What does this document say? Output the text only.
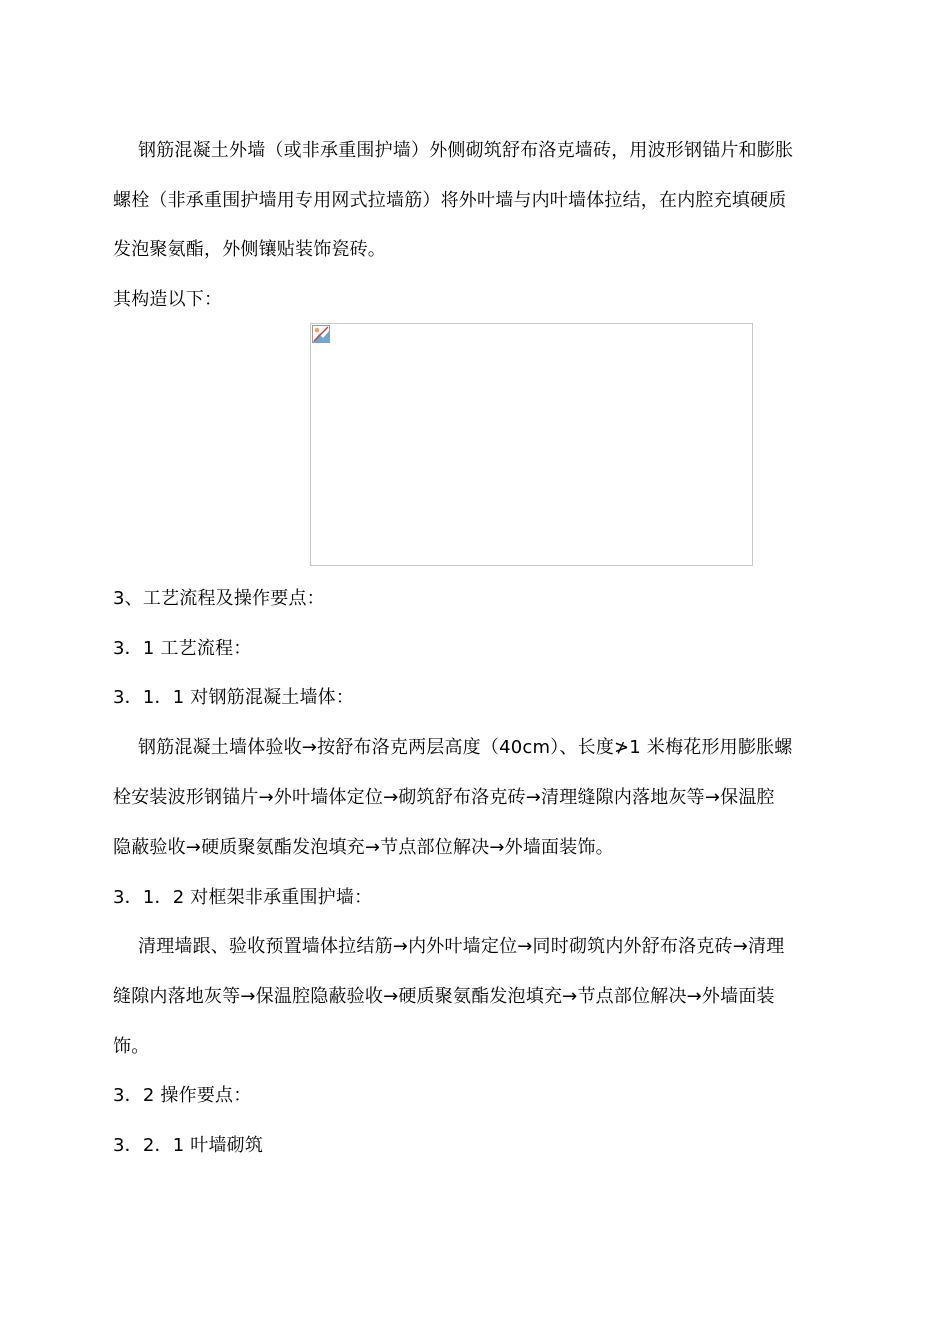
钢筋混凝土外墙（或非承重围护墙）外侧砌筑舒布洛克墙砖，用波形钢锚片和膨胀
螺栓（非承重围护墙用专用网式拉墙筋）将外叶墙与内叶墙体拉结，在内腔充填硬质
发泡聚氨酯，外侧镶贴装饰瓷砖。
其构造以下：
3、工艺流程及操作要点：
3．1 工艺流程：
3．1．1 对钢筋混凝土墙体：
钢筋混凝土墙体验收→按舒布洛克两层高度（40cm）、长度≯1 米梅花形用膨胀螺
栓安装波形钢锚片→外叶墙体定位→砌筑舒布洛克砖→清理缝隙内落地灰等→保温腔
隐蔽验收→硬质聚氨酯发泡填充→节点部位解决→外墙面装饰。
3．1．2 对框架非承重围护墙：
清理墙跟、验收预置墙体拉结筋→内外叶墙定位→同时砌筑内外舒布洛克砖→清理
缝隙内落地灰等→保温腔隐蔽验收→硬质聚氨酯发泡填充→节点部位解决→外墙面装
饰。
3．2 操作要点：
3．2．1 叶墙砌筑
